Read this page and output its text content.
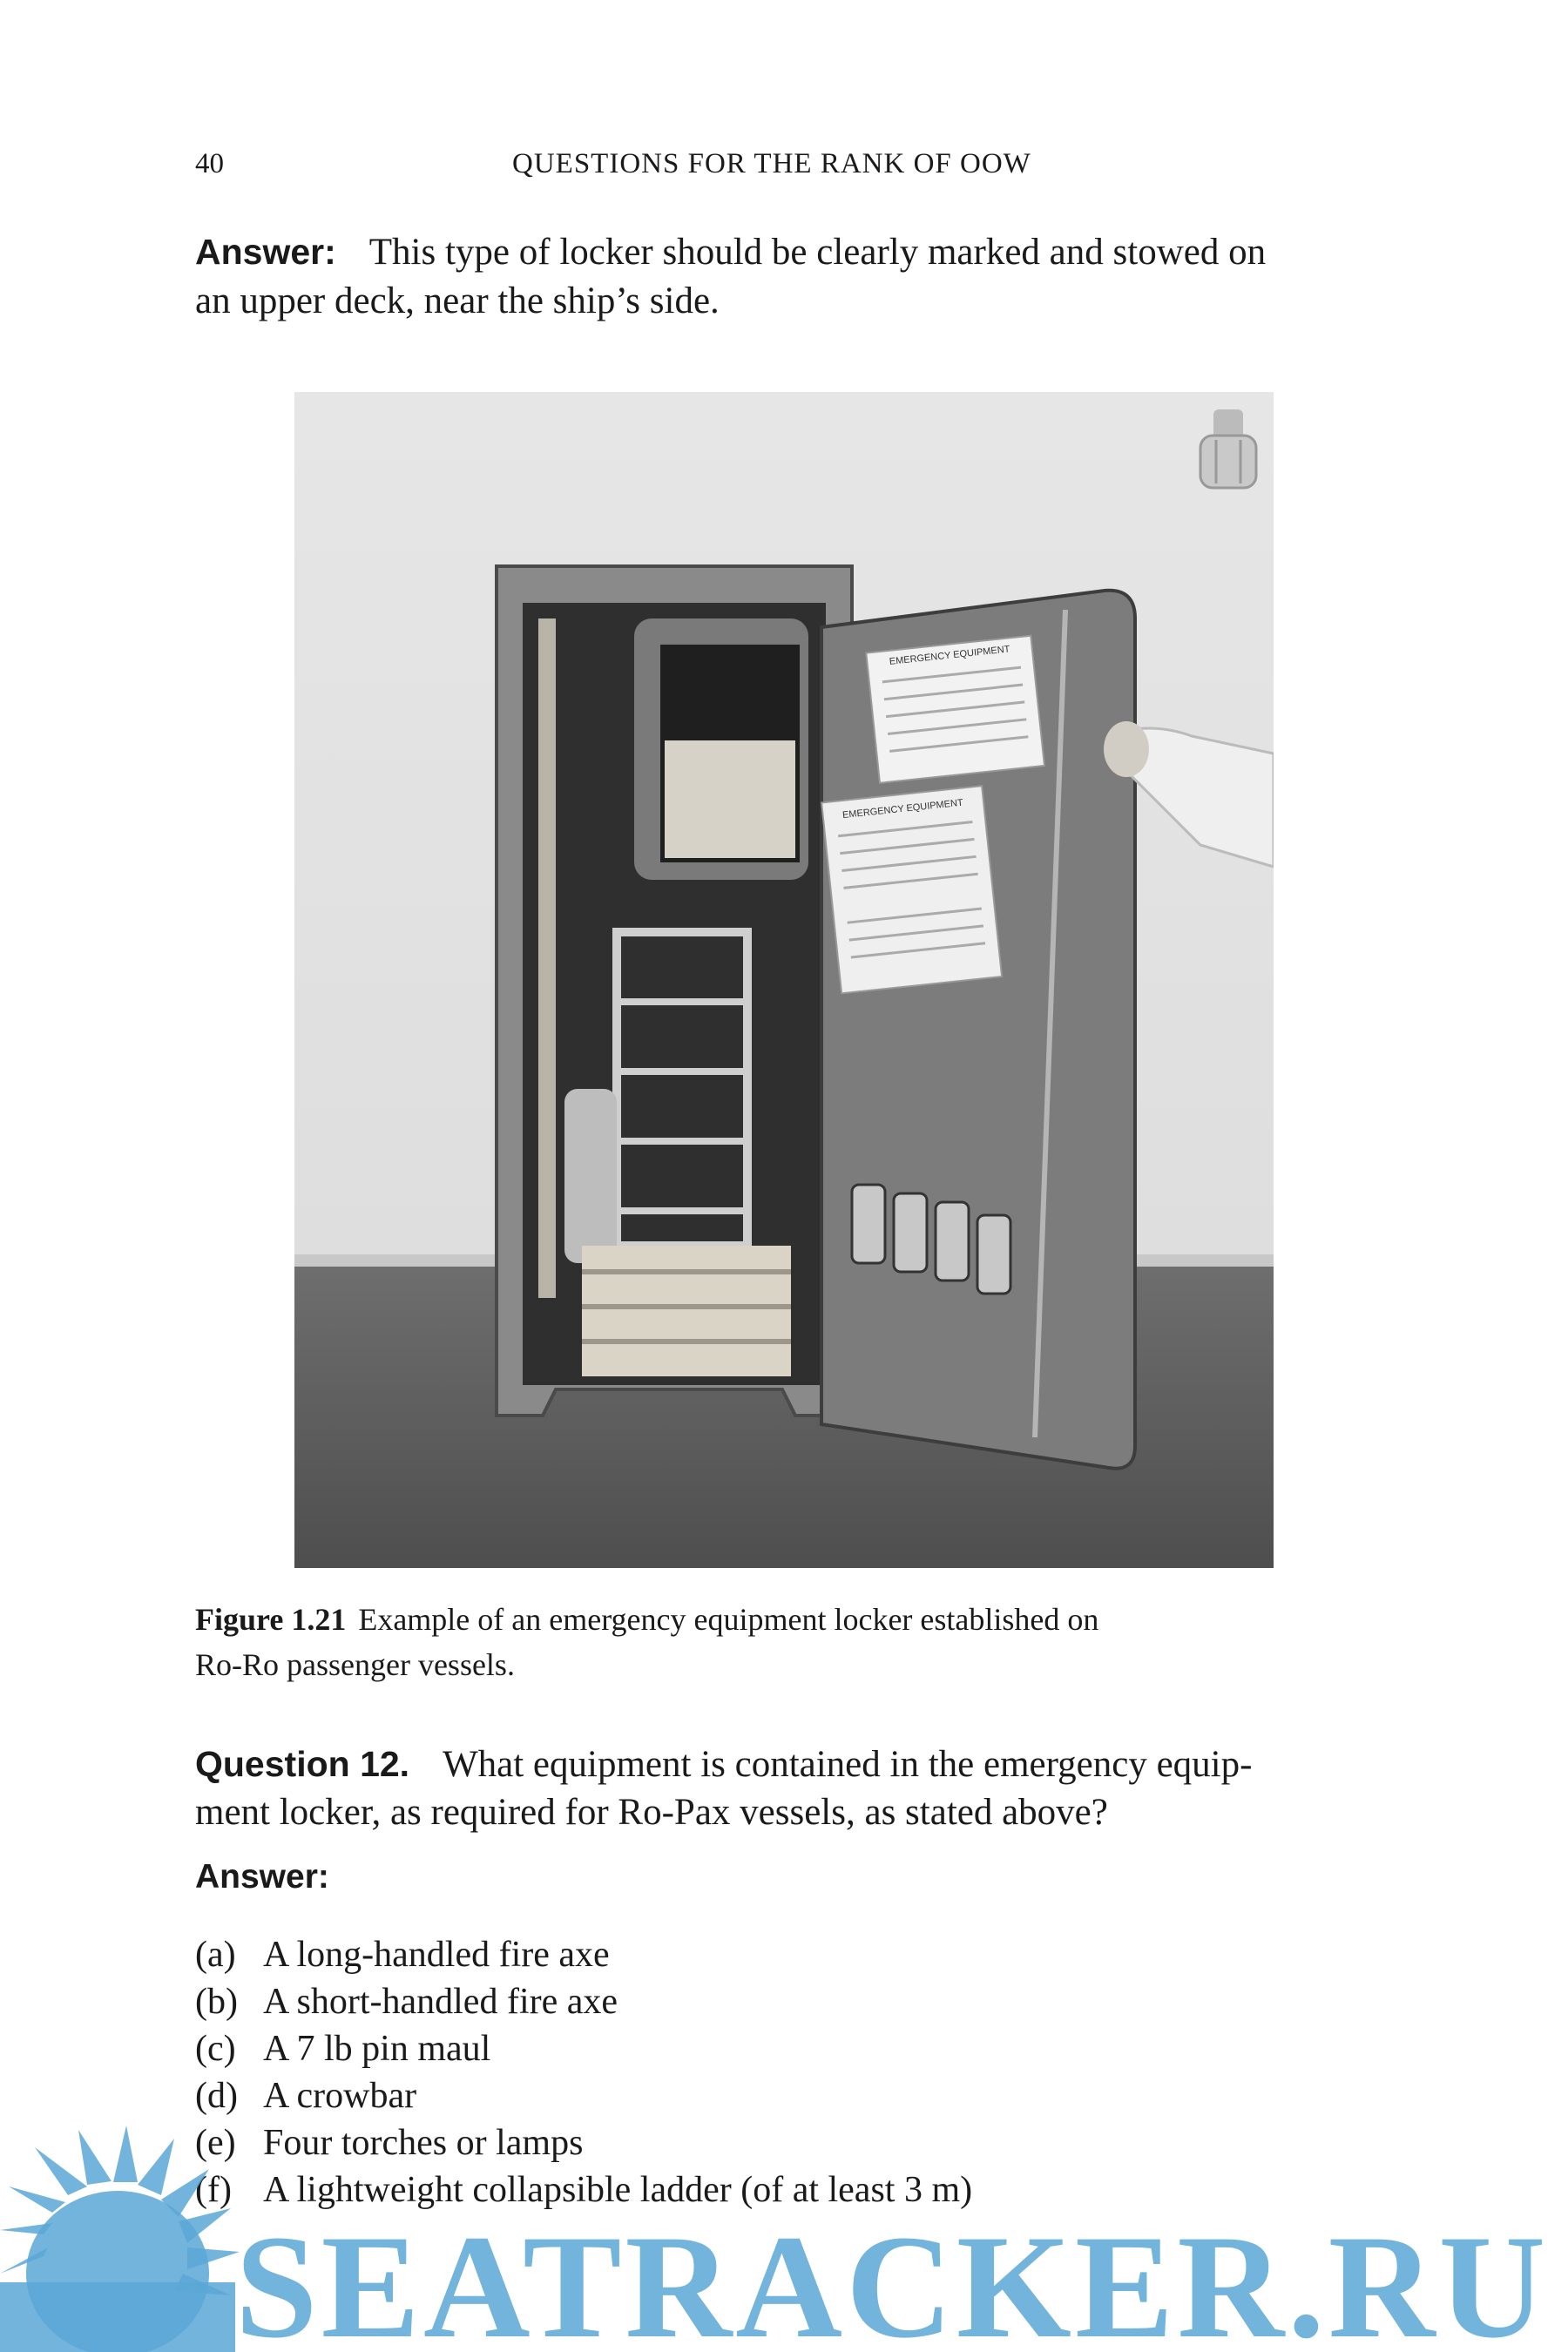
40	QUESTIONS FOR THE RANK OF OOW
Answer: This type of locker should be clearly marked and stowed on
an upper deck, near the ship’s side.
EMERGENCY EQUIPMENT
EMERGENCY EQUIPMENT
Figure 1.21 Example of an emergency equipment locker established on
Ro-Ro passenger vessels.
Question 12. What equipment is contained in the emergency equip-
ment locker, as required for Ro-Pax vessels, as stated above?
Answer:
(a) A long-handled fire axe
(b) A short-handled fire axe
(c) A 7 lb pin maul
(d) A crowbar
(e) Four torches or lamps
(f) A lightweight collapsible ladder (of at least 3 m)
SEATRACKER.RU
